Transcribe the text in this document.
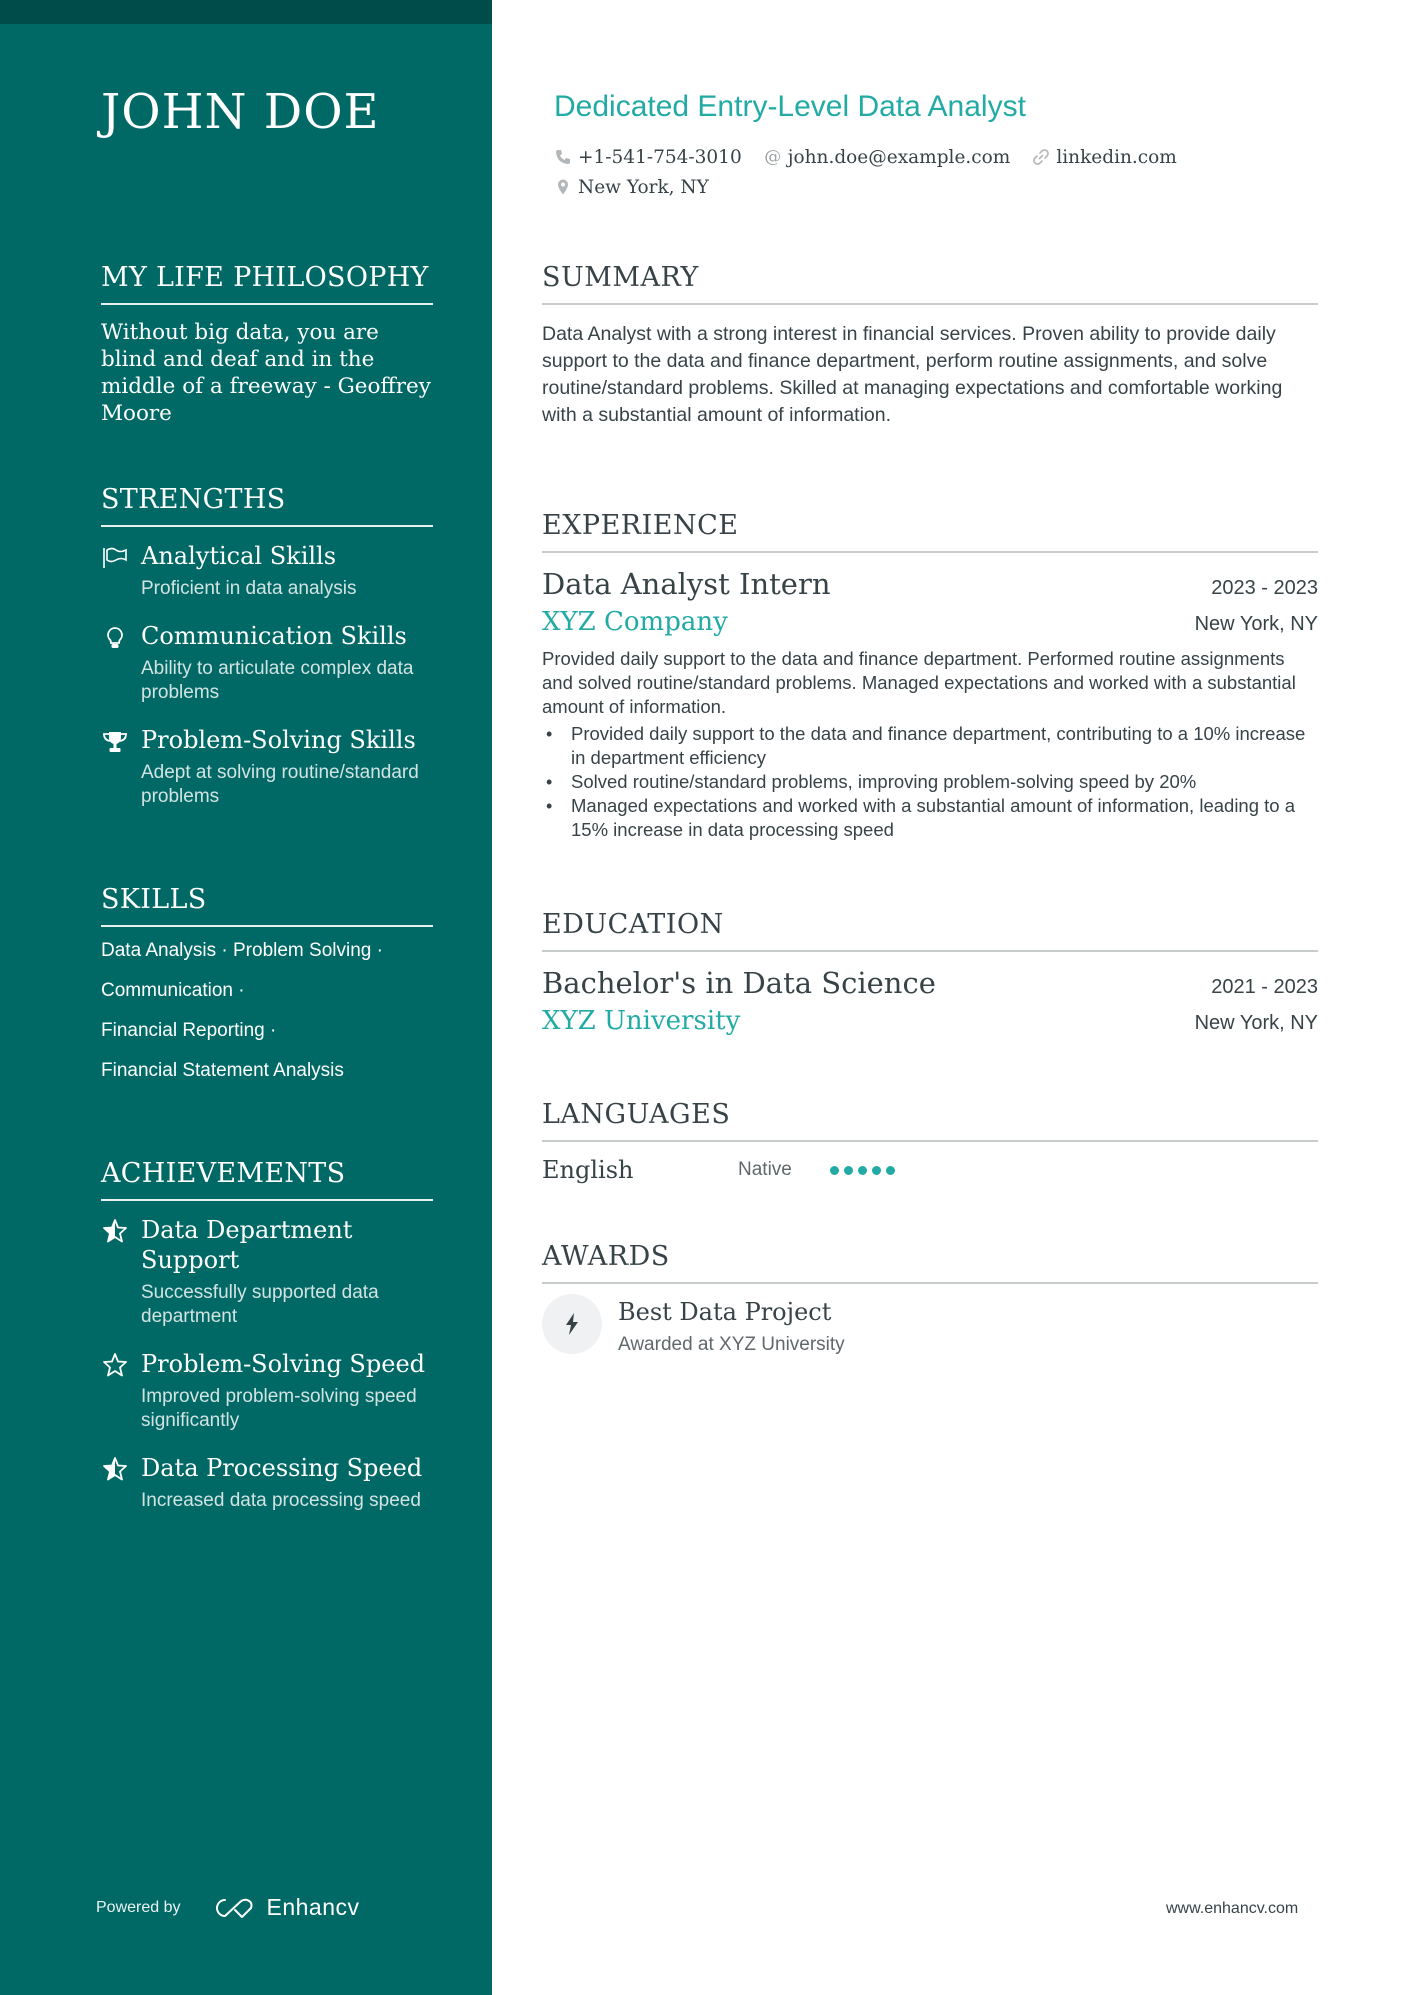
JOHN DOE
MY LIFE PHILOSOPHY
Without big data, you are blind and deaf and in the middle of a freeway - Geoffrey Moore
STRENGTHS
Analytical Skills
Proficient in data analysis
Communication Skills
Ability to articulate complex data problems
Problem-Solving Skills
Adept at solving routine/standard problems
SKILLS
Data Analysis · Problem Solving ·
Communication ·
Financial Reporting ·
Financial Statement Analysis
ACHIEVEMENTS
Data Department Support
Successfully supported data department
Problem-Solving Speed
Improved problem-solving speed significantly
Data Processing Speed
Increased data processing speed
Powered by	Enhancv
Dedicated Entry-Level Data Analyst
+1-541-754-3010 @ john.doe@example.com linkedin.com
New York, NY
SUMMARY
Data Analyst with a strong interest in financial services. Proven ability to provide daily support to the data and finance department, perform routine assignments, and solve routine/standard problems. Skilled at managing expectations and comfortable working with a substantial amount of information.
EXPERIENCE
Data Analyst Intern	2023 - 2023
XYZ Company	New York, NY
Provided daily support to the data and finance department. Performed routine assignments and solved routine/standard problems. Managed expectations and worked with a substantial amount of information.
• Provided daily support to the data and finance department, contributing to a 10% increase in department efficiency
• Solved routine/standard problems, improving problem-solving speed by 20%
• Managed expectations and worked with a substantial amount of information, leading to a 15% increase in data processing speed
EDUCATION
Bachelor's in Data Science	2021 - 2023
XYZ University	New York, NY
LANGUAGES
English	Native
AWARDS
Best Data Project
Awarded at XYZ University
www.enhancv.com
